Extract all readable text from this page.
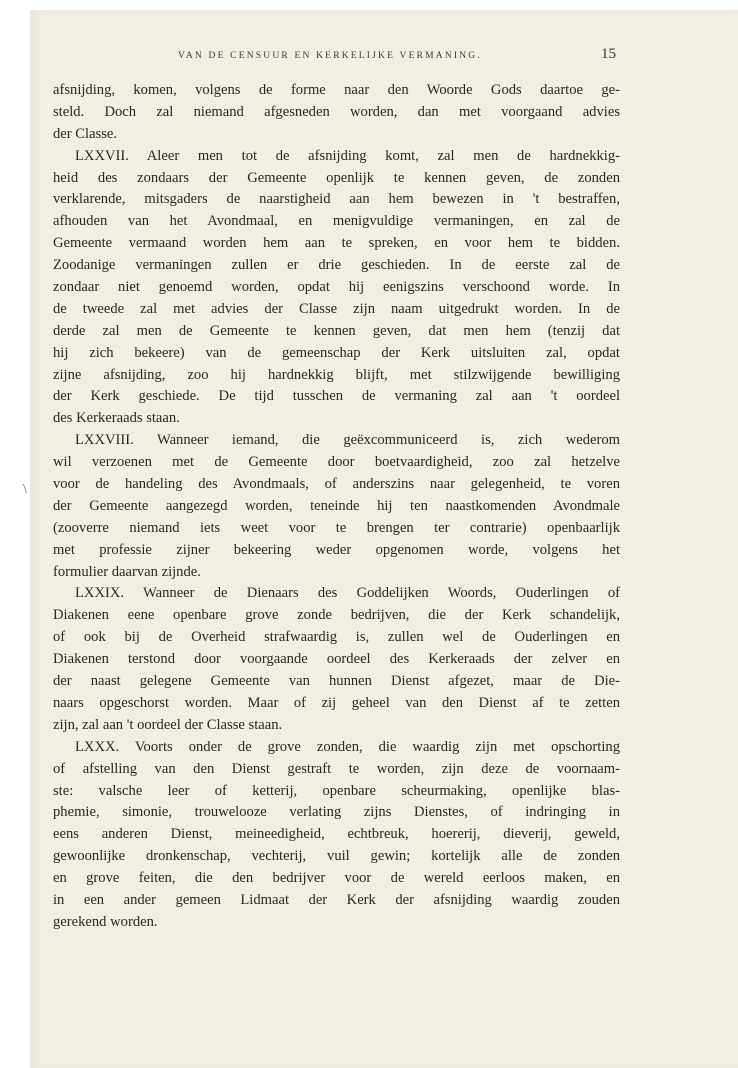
VAN DE CENSUUR EN KERKELIJKE VERMANING.	15
\
afsnijding, komen, volgens de forme naar den Woorde Gods daartoe ge-
steld. Doch zal niemand afgesneden worden, dan met voorgaand advies
der Classe.
LXXVII. Aleer men tot de afsnijding komt, zal men de hardnekkig-
heid des zondaars der Gemeente openlijk te kennen geven, de zonden
verklarende, mitsgaders de naarstigheid aan hem bewezen in 't bestraffen,
afhouden van het Avondmaal, en menigvuldige vermaningen, en zal de
Gemeente vermaand worden hem aan te spreken, en voor hem te bidden.
Zoodanige vermaningen zullen er drie geschieden. In de eerste zal de
zondaar niet genoemd worden, opdat hij eenigszins verschoond worde. In
de tweede zal met advies der Classe zijn naam uitgedrukt worden. In de
derde zal men de Gemeente te kennen geven, dat men hem (tenzij dat
hij zich bekeere) van de gemeenschap der Kerk uitsluiten zal, opdat
zijne afsnijding, zoo hij hardnekkig blijft, met stilzwijgende bewilliging
der Kerk geschiede. De tijd tusschen de vermaning zal aan 't oordeel
des Kerkeraads staan.
LXXVIII. Wanneer iemand, die geëxcommuniceerd is, zich wederom
wil verzoenen met de Gemeente door boetvaardigheid, zoo zal hetzelve
voor de handeling des Avondmaals, of anderszins naar gelegenheid, te voren
der Gemeente aangezegd worden, teneinde hij ten naastkomenden Avondmale
(zooverre niemand iets weet voor te brengen ter contrarie) openbaarlijk
met professie zijner bekeering weder opgenomen worde, volgens het
formulier daarvan zijnde.
LXXIX. Wanneer de Dienaars des Goddelijken Woords, Ouderlingen of
Diakenen eene openbare grove zonde bedrijven, die der Kerk schandelijk,
of ook bij de Overheid strafwaardig is, zullen wel de Ouderlingen en
Diakenen terstond door voorgaande oordeel des Kerkeraads der zelver en
der naast gelegene Gemeente van hunnen Dienst afgezet, maar de Die-
naars opgeschorst worden. Maar of zij geheel van den Dienst af te zetten
zijn, zal aan 't oordeel der Classe staan.
LXXX. Voorts onder de grove zonden, die waardig zijn met opschorting
of afstelling van den Dienst gestraft te worden, zijn deze de voornaam-
ste: valsche leer of ketterij, openbare scheurmaking, openlijke blas-
phemie, simonie, trouwelooze verlating zijns Dienstes, of indringing in
eens anderen Dienst, meineedigheid, echtbreuk, hoererij, dieverij, geweld,
gewoonlijke dronkenschap, vechterij, vuil gewin; kortelijk alle de zonden
en grove feiten, die den bedrijver voor de wereld eerloos maken, en
in een ander gemeen Lidmaat der Kerk der afsnijding waardig zouden
gerekend worden.
